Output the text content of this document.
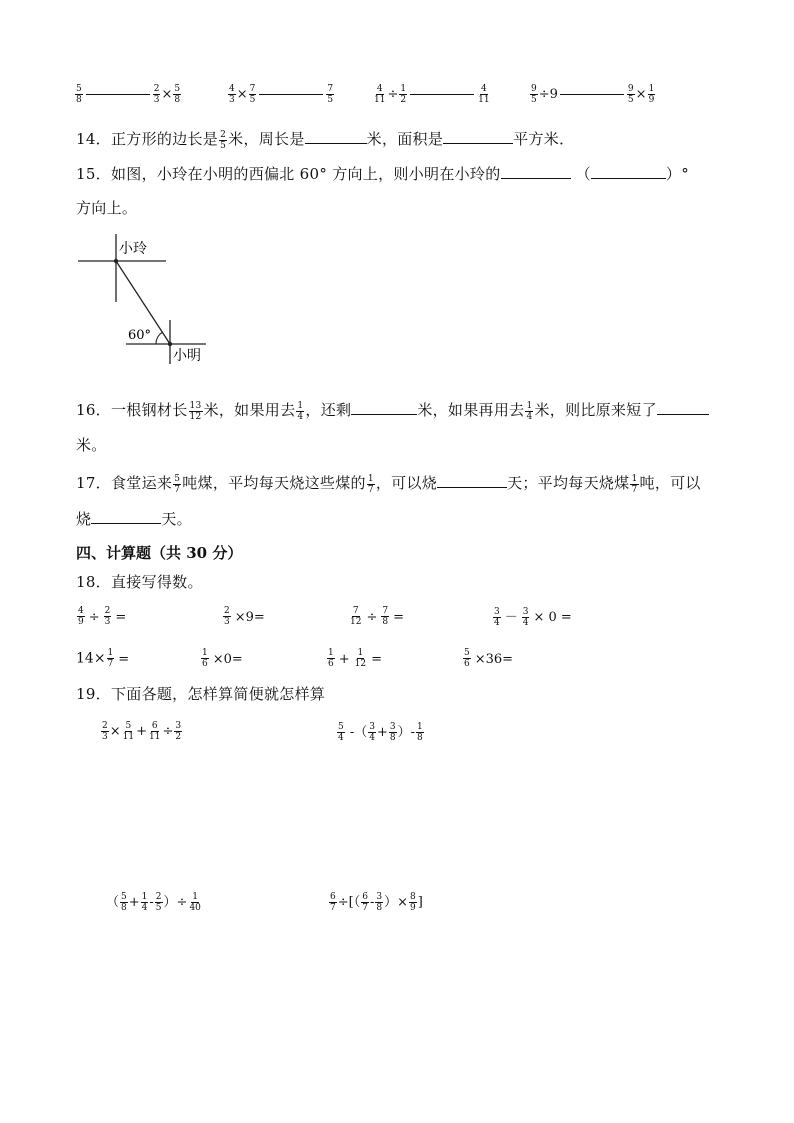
$\frac{5}{8}$	$\frac{2}{3} \times \frac{5}{8}$	$\frac{4}{3} \times \frac{7}{5}$	$\frac{7}{5}$	$\frac{4}{11} \div \frac{1}{2}$	$\frac{4}{11}$	$\frac{9}{5} \div 9$	$\frac{9}{5} \times \frac{1}{9}$
14．正方形的边长是 $\frac{2}{5}$ 米，周长是	米，面积是	平方米．
15．如图，小玲在小明的西偏北 60° 方向上，则小明在小玲的	（	）°
方向上。
小玲
60°
小明
16．一根钢材长 $\frac{13}{12}$ 米，如果用去 $\frac{1}{4}$ ，还剩	米，如果再用去 $\frac{1}{4}$ 米，则比原来短了
米。
17．食堂运来 $\frac{5}{7}$ 吨煤，平均每天烧这些煤的 $\frac{1}{7}$ ，可以烧	天；平均每天烧煤 $\frac{1}{7}$ 吨，可以
烧	天。
四、计算题（共 30 分）
18．直接写得数。
$\frac{4}{9} \div \frac{2}{3}$ =	$\frac{2}{3} \times 9=$	$\frac{7}{12} \div \frac{7}{8}$ =	$\frac{3}{4} - \frac{3}{4} \times 0$ =
$14\times \frac{1}{7}$ =	$\frac{1}{6} \times 0=$	$\frac{1}{6} + \frac{1}{12}$ =	$\frac{5}{6} \times 36=$
19．下面各题，怎样算简便就怎样算
$\frac{2}{3} \times \frac{5}{11} + \frac{6}{11} \div \frac{3}{2}$	$\frac{5}{4}$ -（ $\frac{3}{4} + \frac{3}{8}$ ）- $\frac{1}{8}$
（ $\frac{5}{8} + \frac{1}{4} - \frac{2}{5}$ ）÷ $\frac{1}{40}$	$\frac{6}{7}$ ÷[（ $\frac{6}{7} - \frac{3}{8}$ ）× $\frac{8}{9}$ ]
